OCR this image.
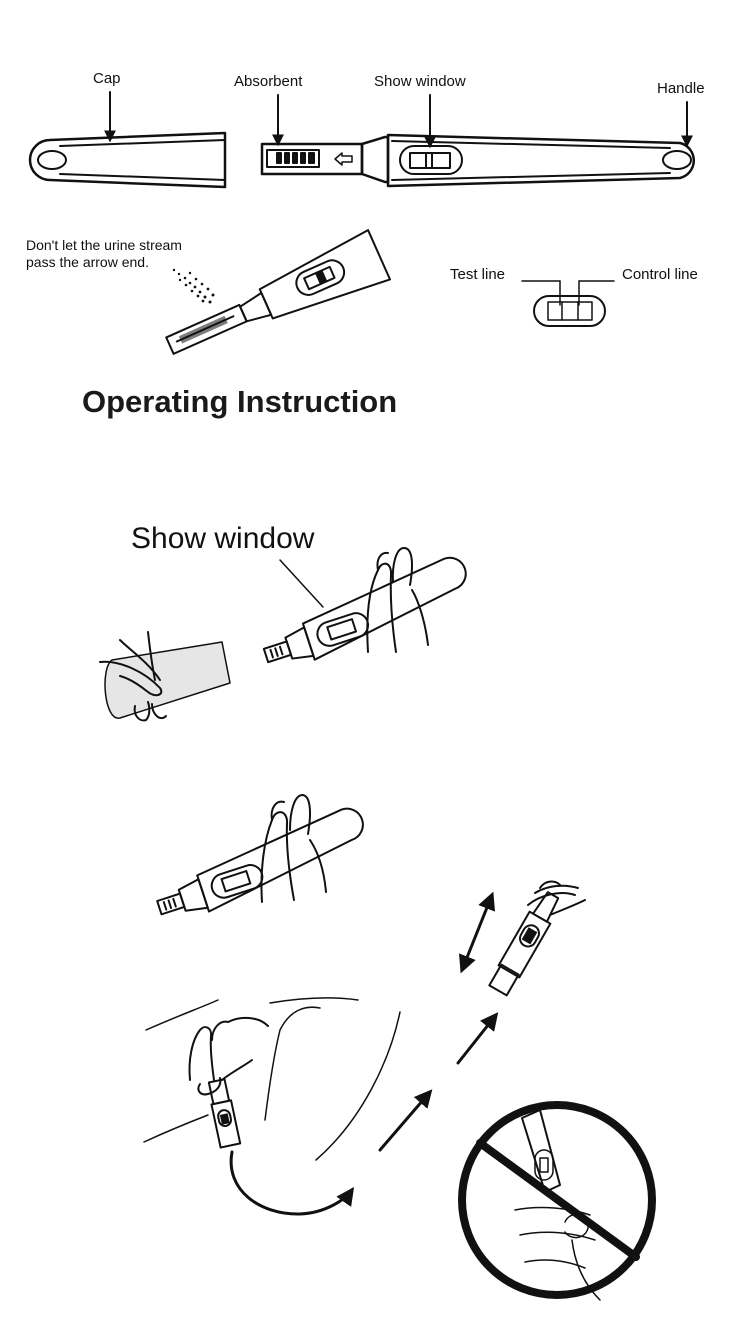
Cap	Absorbent	Show window	Handle
Don't let the urine stream
pass the arrow end.
Test line	Control line
Operating Instruction
Show window
